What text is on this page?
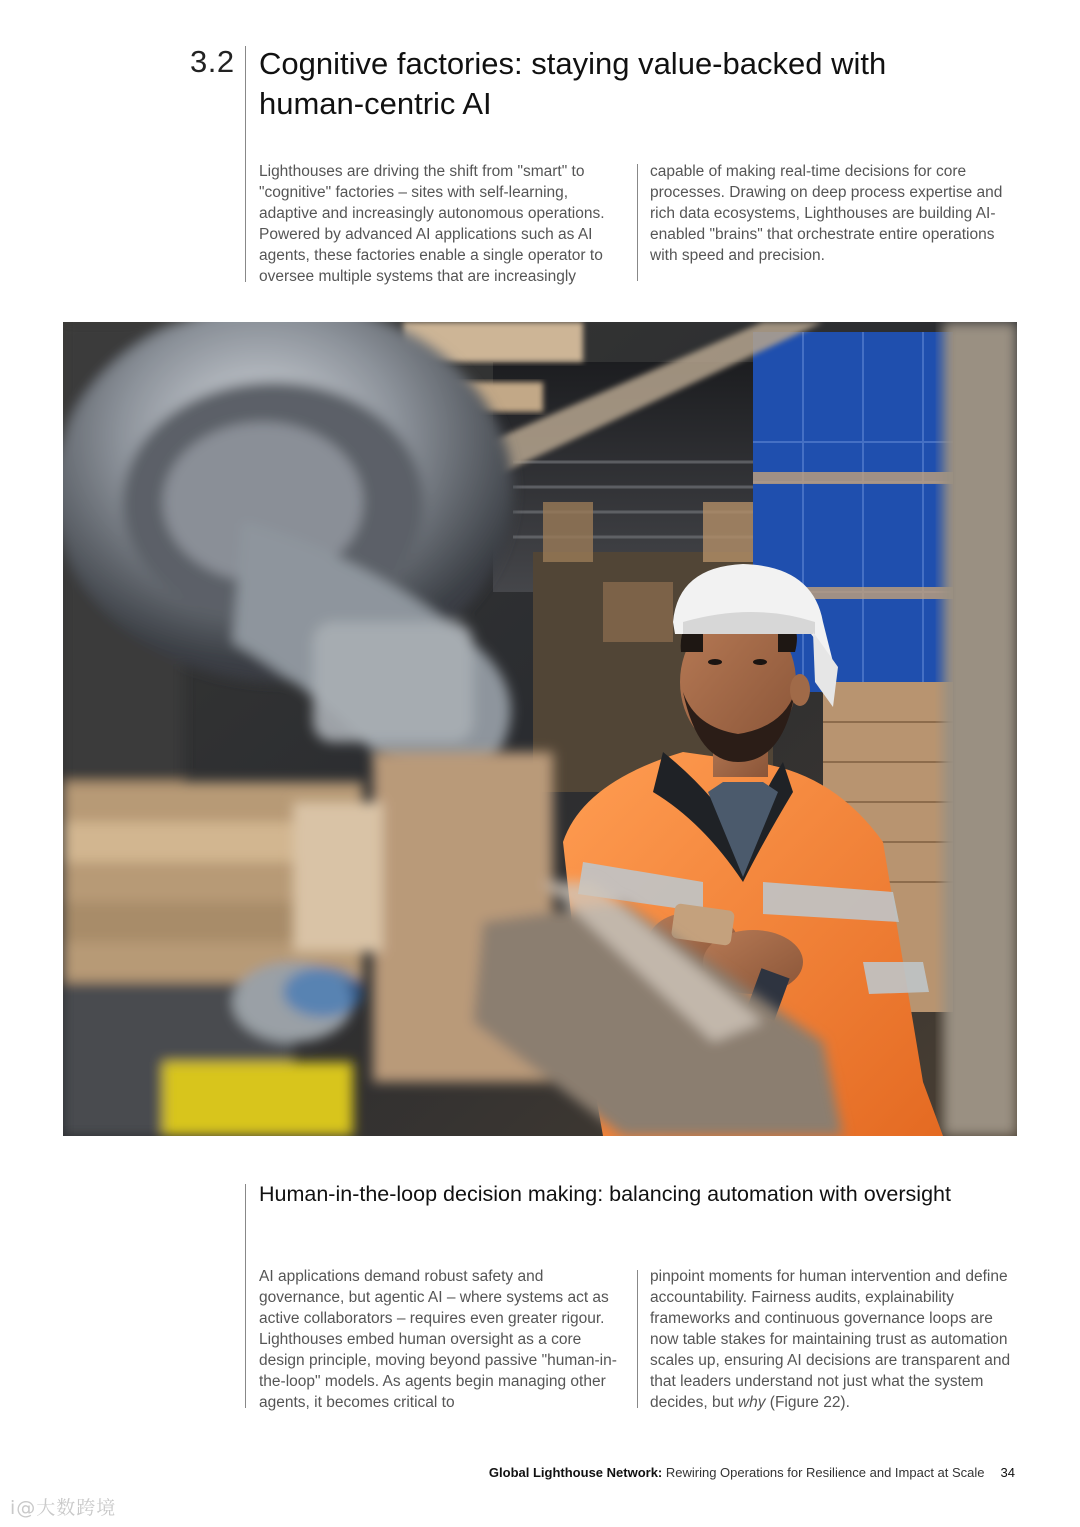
3.2 Cognitive factories: staying value-backed with human-centric AI

Lighthouses are driving the shift from "smart" to "cognitive" factories – sites with self-learning, adaptive and increasingly autonomous operations. Powered by advanced AI applications such as AI agents, these factories enable a single operator to oversee multiple systems that are increasingly

capable of making real-time decisions for core processes. Drawing on deep process expertise and rich data ecosystems, Lighthouses are building AI-enabled "brains" that orchestrate entire operations with speed and precision.

Human-in-the-loop decision making: balancing automation with oversight

AI applications demand robust safety and governance, but agentic AI – where systems act as active collaborators – requires even greater rigour. Lighthouses embed human oversight as a core design principle, moving beyond passive "human-in-the-loop" models. As agents begin managing other agents, it becomes critical to

pinpoint moments for human intervention and define accountability. Fairness audits, explainability frameworks and continuous governance loops are now table stakes for maintaining trust as automation scales up, ensuring AI decisions are transparent and that leaders understand not just what the system decides, but why (Figure 22).

Global Lighthouse Network: Rewiring Operations for Resilience and Impact at Scale 34
i@大数跨境
